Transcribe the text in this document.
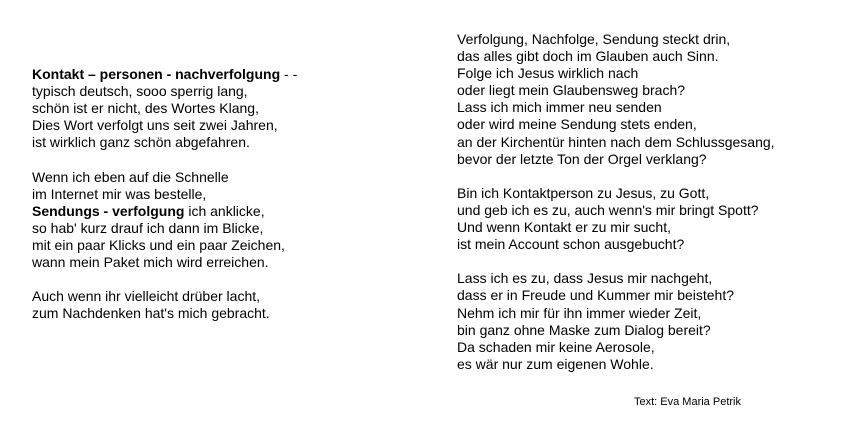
Kontakt – personen - nachverfolgung - -
typisch deutsch, sooo sperrig lang,
schön ist er nicht, des Wortes Klang,
Dies Wort verfolgt uns seit zwei Jahren,
ist wirklich ganz schön abgefahren.
Wenn ich eben auf die Schnelle
im Internet mir was bestelle,
Sendungs - verfolgung ich anklicke,
so hab' kurz drauf ich dann im Blicke,
mit ein paar Klicks und ein paar Zeichen,
wann mein Paket mich wird erreichen.
Auch wenn ihr vielleicht drüber lacht,
zum Nachdenken hat's mich gebracht.
Verfolgung, Nachfolge, Sendung steckt drin,
das alles gibt doch im Glauben auch Sinn.
Folge ich Jesus wirklich nach
oder liegt mein Glaubensweg brach?
Lass ich mich immer neu senden
oder wird meine Sendung stets enden,
an der Kirchentür hinten nach dem Schlussgesang,
bevor der letzte Ton der Orgel verklang?
Bin ich Kontaktperson zu Jesus, zu Gott,
und geb ich es zu, auch wenn's mir bringt Spott?
Und wenn Kontakt er zu mir sucht,
ist mein Account schon ausgebucht?
Lass ich es zu, dass Jesus mir nachgeht,
dass er in Freude und Kummer mir beisteht?
Nehm ich mir für ihn immer wieder Zeit,
bin ganz ohne Maske zum Dialog bereit?
Da schaden mir keine Aerosole,
es wär nur zum eigenen Wohle.
Text: Eva Maria Petrik
